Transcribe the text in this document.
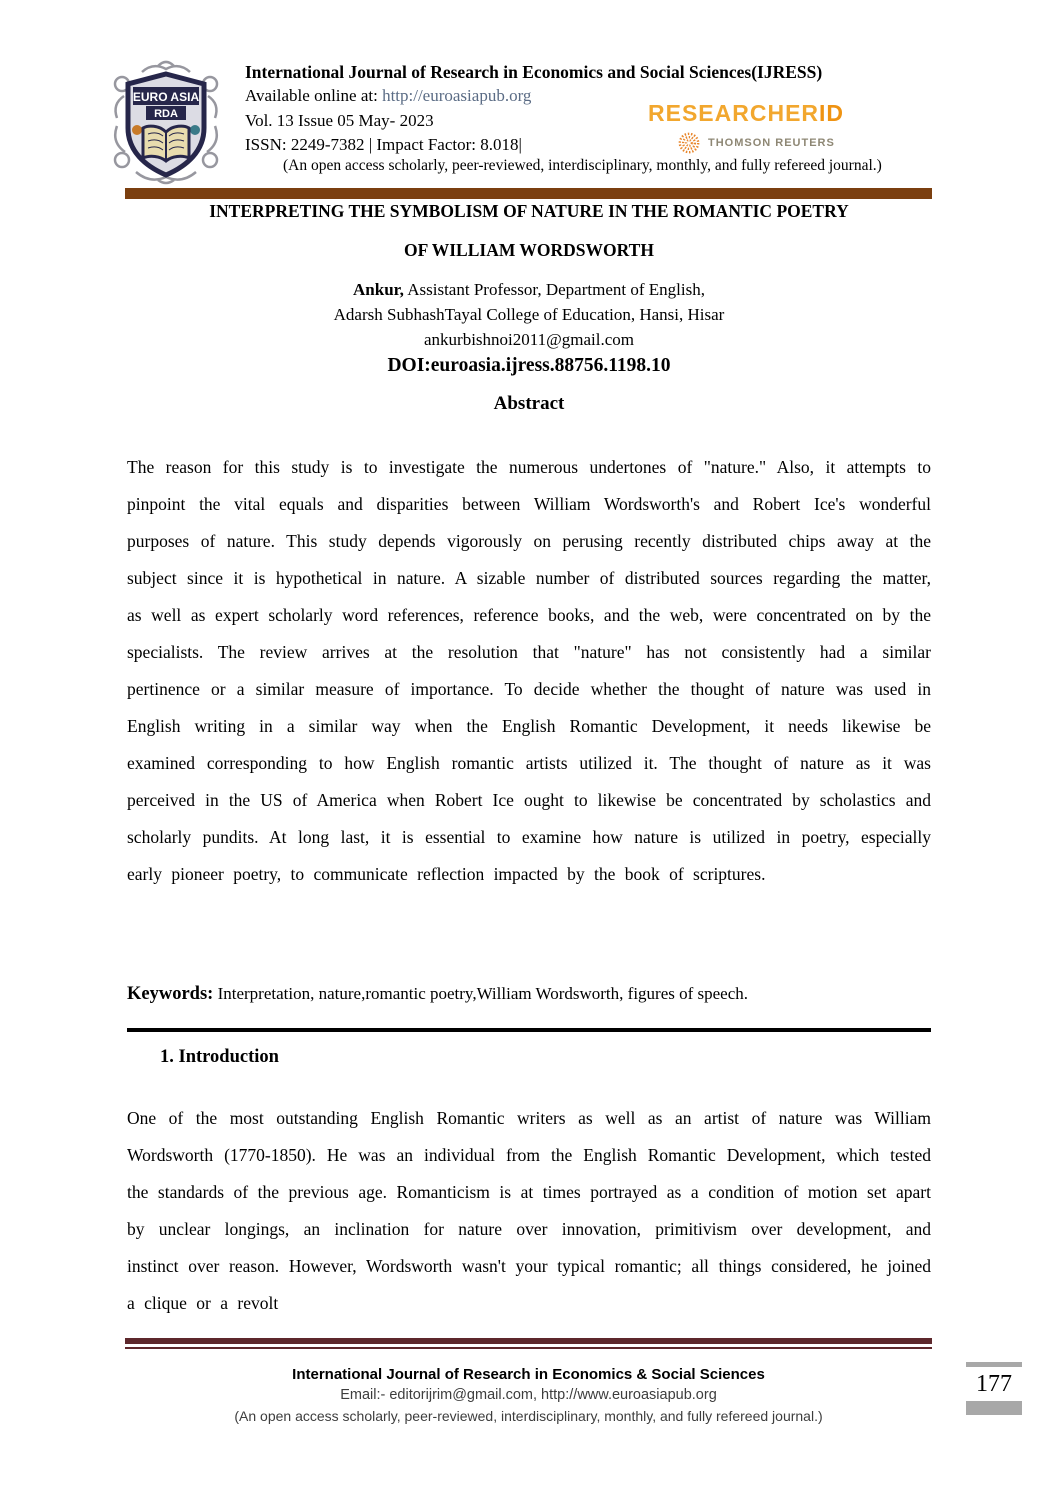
EURO ASIA
RDA
International Journal of Research in Economics and Social Sciences(IJRESS)
Available online at: http://euroasiapub.org
Vol. 13 Issue 05 May- 2023
ISSN: 2249-7382 | Impact Factor: 8.018|
(An open access scholarly, peer-reviewed, interdisciplinary, monthly, and fully refereed journal.)
RESEARCHERID
THOMSON REUTERS
INTERPRETING THE SYMBOLISM OF NATURE IN THE ROMANTIC POETRY
OF WILLIAM WORDSWORTH
Ankur, Assistant Professor, Department of English,
Adarsh SubhashTayal College of Education, Hansi, Hisar
ankurbishnoi2011@gmail.com
DOI:euroasia.ijress.88756.1198.10
Abstract
The reason for this study is to investigate the numerous undertones of "nature." Also, it attempts to pinpoint the vital equals and disparities between William Wordsworth's and Robert Ice's wonderful purposes of nature. This study depends vigorously on perusing recently distributed chips away at the subject since it is hypothetical in nature. A sizable number of distributed sources regarding the matter, as well as expert scholarly word references, reference books, and the web, were concentrated on by the specialists. The review arrives at the resolution that "nature" has not consistently had a similar pertinence or a similar measure of importance. To decide whether the thought of nature was used in English writing in a similar way when the English Romantic Development, it needs likewise be examined corresponding to how English romantic artists utilized it. The thought of nature as it was perceived in the US of America when Robert Ice ought to likewise be concentrated by scholastics and scholarly pundits. At long last, it is essential to examine how nature is utilized in poetry, especially early pioneer poetry, to communicate reflection impacted by the book of scriptures.
Keywords: Interpretation, nature,romantic poetry,William Wordsworth, figures of speech.
1. Introduction
One of the most outstanding English Romantic writers as well as an artist of nature was William Wordsworth (1770-1850). He was an individual from the English Romantic Development, which tested the standards of the previous age. Romanticism is at times portrayed as a condition of motion set apart by unclear longings, an inclination for nature over innovation, primitivism over development, and instinct over reason. However, Wordsworth wasn't your typical romantic; all things considered, he joined a clique or a revolt
International Journal of Research in Economics & Social Sciences
Email:- editorijrim@gmail.com, http://www.euroasiapub.org
(An open access scholarly, peer-reviewed, interdisciplinary, monthly, and fully refereed journal.)
177
